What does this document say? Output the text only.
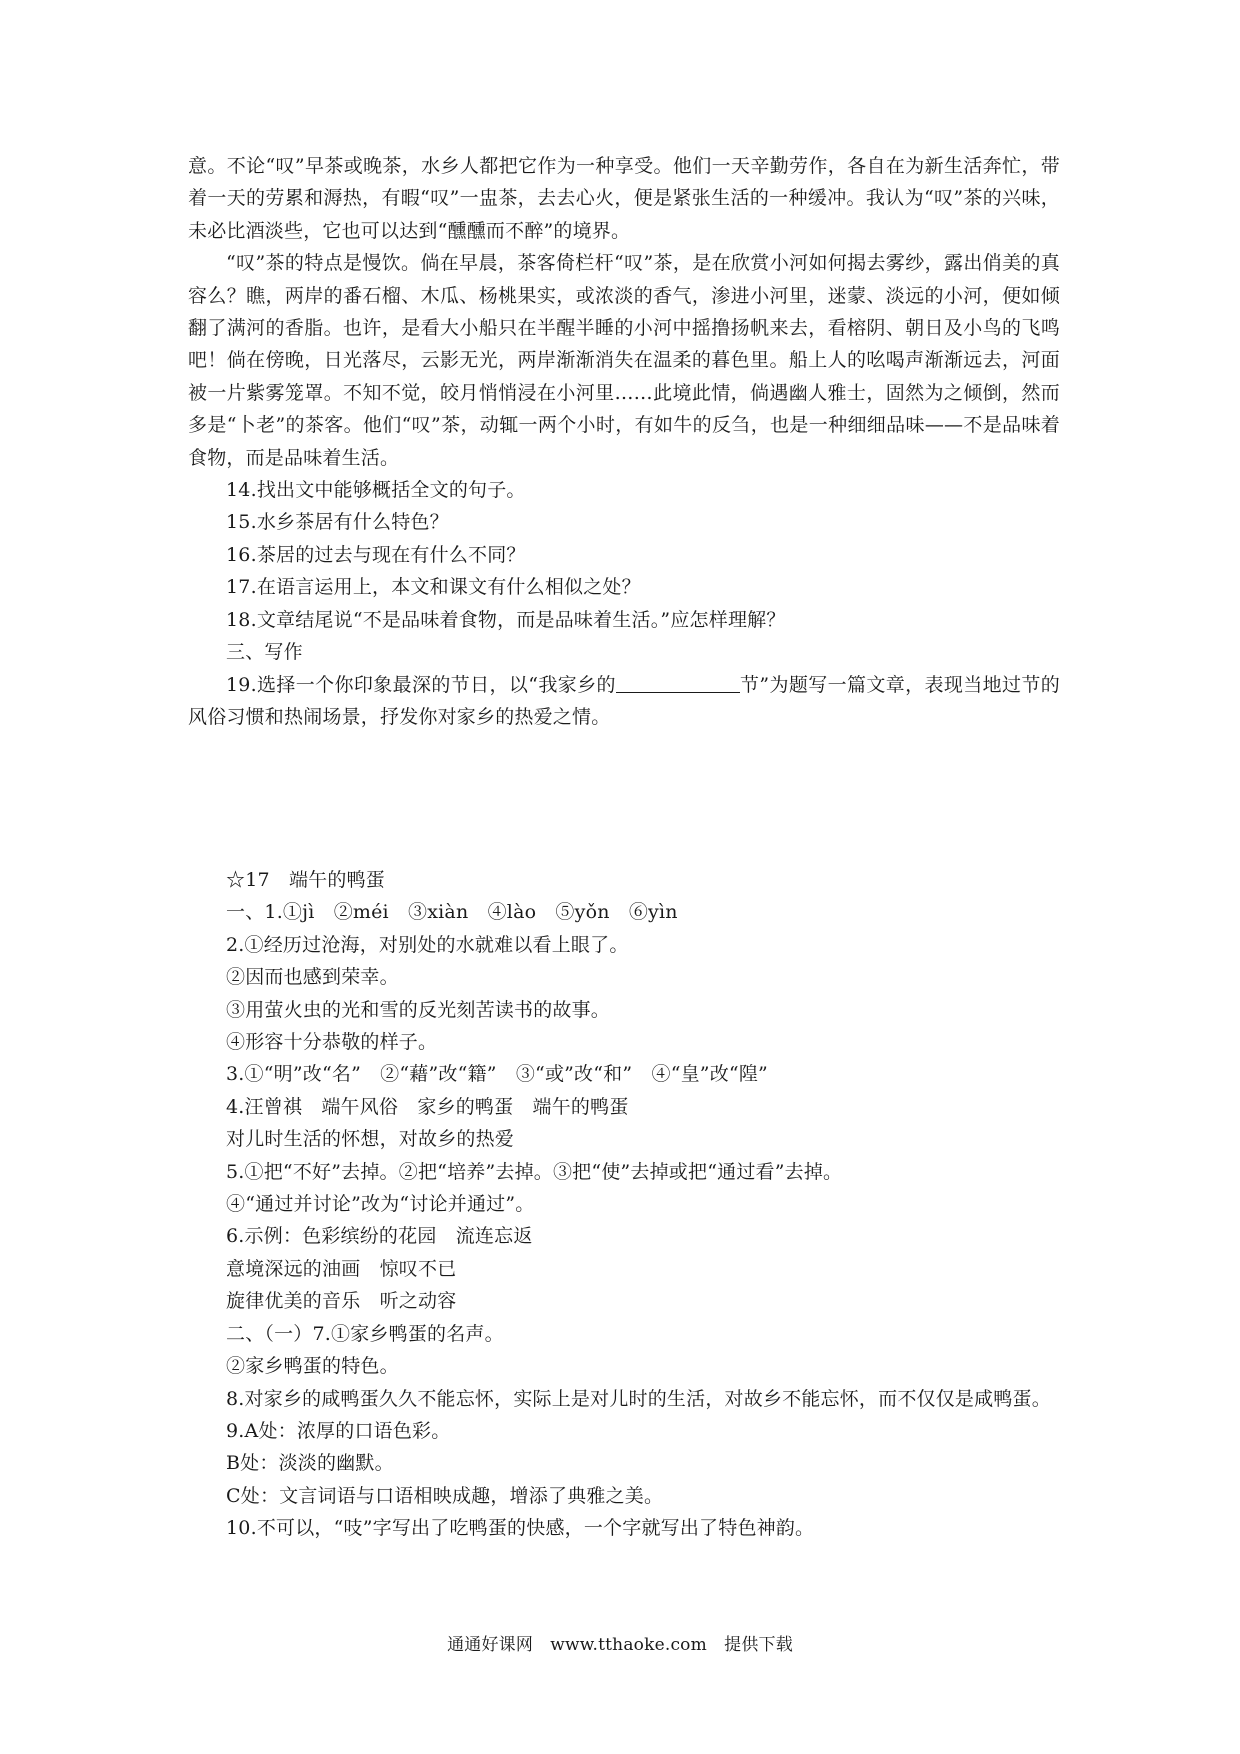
意。不论“叹”早茶或晚茶，水乡人都把它作为一种享受。他们一天辛勤劳作，各自在为新生活奔忙，带着一天的劳累和溽热，有暇“叹”一盅茶，去去心火，便是紧张生活的一种缓冲。我认为“叹”茶的兴味，未必比酒淡些，它也可以达到“醺醺而不醉”的境界。

“叹”茶的特点是慢饮。倘在早晨，茶客倚栏杆“叹”茶，是在欣赏小河如何揭去雾纱，露出俏美的真容么？瞧，两岸的番石榴、木瓜、杨桃果实，或浓淡的香气，渗进小河里，迷蒙、淡远的小河，便如倾翻了满河的香脂。也许，是看大小船只在半醒半睡的小河中摇撸扬帆来去，看榕阴、朝日及小鸟的飞鸣吧！倘在傍晚，日光落尽，云影无光，两岸渐渐消失在温柔的暮色里。船上人的吆喝声渐渐远去，河面被一片紫雾笼罩。不知不觉，皎月悄悄浸在小河里……此境此情，倘遇幽人雅士，固然为之倾倒，然而多是“卜老”的茶客。他们“叹”茶，动辄一两个小时，有如牛的反刍，也是一种细细品味——不是品味着食物，而是品味着生活。

14.找出文中能够概括全文的句子。

15.水乡茶居有什么特色？

16.茶居的过去与现在有什么不同？

17.在语言运用上，本文和课文有什么相似之处？

18.文章结尾说“不是品味着食物，而是品味着生活。”应怎样理解？

三、写作

19.选择一个你印象最深的节日，以“我家乡的	节”为题写一篇文章，表现当地过节的风俗习惯和热闹场景，抒发你对家乡的热爱之情。

☆17　端午的鸭蛋

一、1.①jì　②méi　③xiàn　④lào　⑤yǒn　⑥yìn

2.①经历过沧海，对别处的水就难以看上眼了。

②因而也感到荣幸。

③用萤火虫的光和雪的反光刻苦读书的故事。

④形容十分恭敬的样子。

3.①“明”改“名”　②“藉”改“籍”　③“或”改“和”　④“皇”改“隍”

4.汪曾祺　端午风俗　家乡的鸭蛋　端午的鸭蛋

对儿时生活的怀想，对故乡的热爱

5.①把“不好”去掉。②把“培养”去掉。③把“使”去掉或把“通过看”去掉。

④“通过并讨论”改为“讨论并通过”。

6.示例：色彩缤纷的花园　流连忘返

意境深远的油画　惊叹不已

旋律优美的音乐　听之动容

二、（一）7.①家乡鸭蛋的名声。

②家乡鸭蛋的特色。

8.对家乡的咸鸭蛋久久不能忘怀，实际上是对儿时的生活，对故乡不能忘怀，而不仅仅是咸鸭蛋。

9.A处：浓厚的口语色彩。

B处：淡淡的幽默。

C处：文言词语与口语相映成趣，增添了典雅之美。

10.不可以，“吱”字写出了吃鸭蛋的快感，一个字就写出了特色神韵。

通通好课网　www.tthaoke.com　提供下载
